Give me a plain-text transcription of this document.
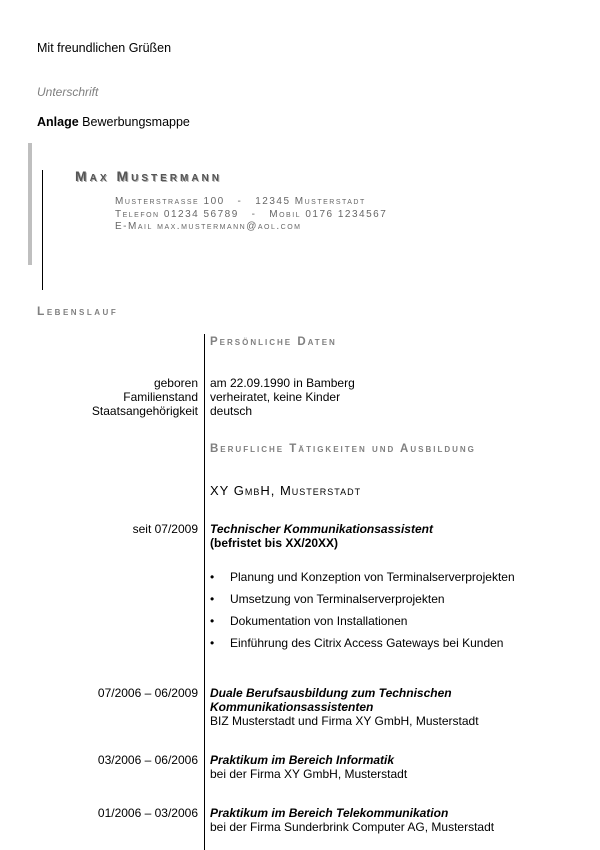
Mit freundlichen Grüßen
Unterschrift
Anlage Bewerbungsmappe
Max Mustermann
Musterstrasse 100   -   12345 Musterstadt
Telefon 01234 56789   -   Mobil 0176 1234567
E-Mail max.mustermann@aol.com
Lebenslauf
Persönliche Daten
geboren
Familienstand
Staatsangehörigkeit
am 22.09.1990 in Bamberg
verheiratet, keine Kinder
deutsch
Berufliche Tätigkeiten und Ausbildung
XY GmbH, Musterstadt
seit 07/2009 Technischer Kommunikationsassistent
(befristet bis XX/20XX)
• Planung und Konzeption von Terminalserverprojekten
• Umsetzung von Terminalserverprojekten
• Dokumentation von Installationen
• Einführung des Citrix Access Gateways bei Kunden
07/2006 – 06/2009 Duale Berufsausbildung zum Technischen
Kommunikationsassistenten
BIZ Musterstadt und Firma XY GmbH, Musterstadt
03/2006 – 06/2006 Praktikum im Bereich Informatik
bei der Firma XY GmbH, Musterstadt
01/2006 – 03/2006 Praktikum im Bereich Telekommunikation
bei der Firma Sunderbrink Computer AG, Musterstadt
